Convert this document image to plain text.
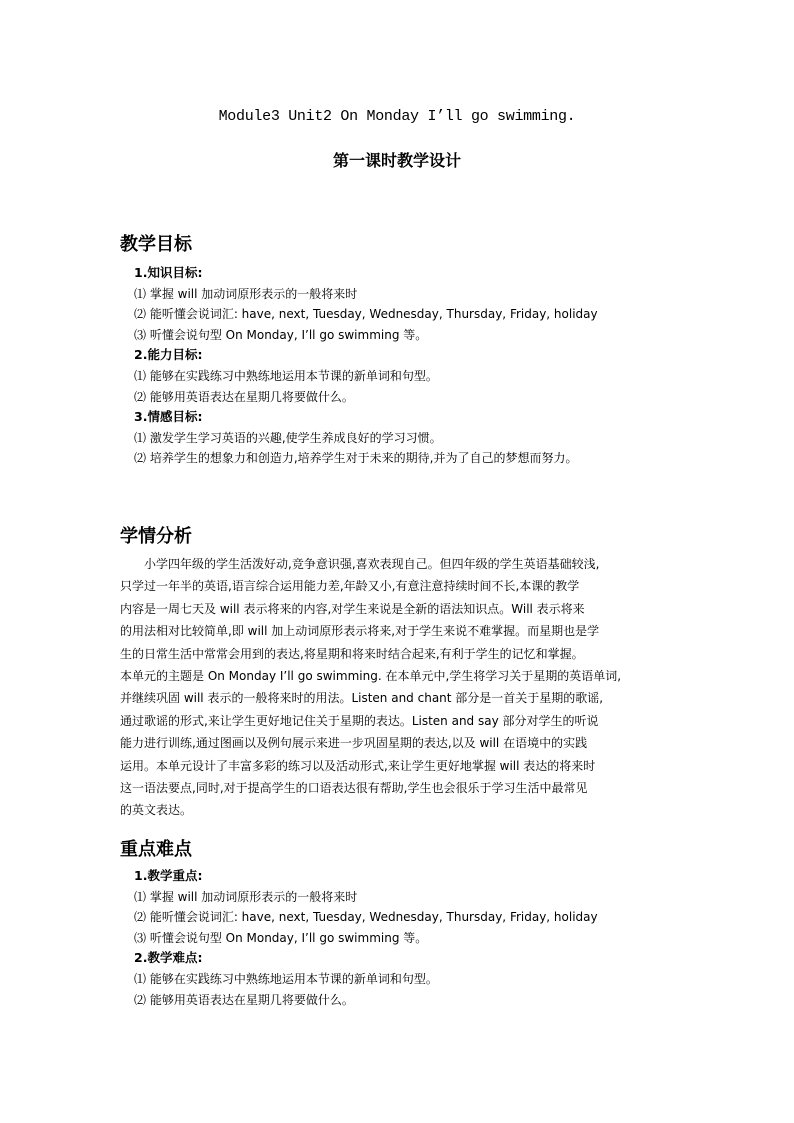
Module3 Unit2 On Monday I’ll go swimming.
第一课时教学设计
教学目标
1.知识目标:
⑴ 掌握 will 加动词原形表示的一般将来时
⑵ 能听懂会说词汇: have, next, Tuesday, Wednesday, Thursday, Friday, holiday
⑶ 听懂会说句型 On Monday, I’ll go swimming 等。
2.能力目标:
⑴ 能够在实践练习中熟练地运用本节课的新单词和句型。
⑵ 能够用英语表达在星期几将要做什么。
3.情感目标:
⑴ 激发学生学习英语的兴趣,使学生养成良好的学习习惯。
⑵ 培养学生的想象力和创造力,培养学生对于未来的期待,并为了自己的梦想而努力。
学情分析
　　小学四年级的学生活泼好动,竞争意识强,喜欢表现自己。但四年级的学生英语基础较浅,
只学过一年半的英语,语言综合运用能力差,年龄又小,有意注意持续时间不长,本课的教学
内容是一周七天及 will 表示将来的内容,对学生来说是全新的语法知识点。Will 表示将来
的用法相对比较简单,即 will 加上动词原形表示将来,对于学生来说不难掌握。而星期也是学
生的日常生活中常常会用到的表达,将星期和将来时结合起来,有利于学生的记忆和掌握。
本单元的主题是 On Monday I’ll go swimming. 在本单元中,学生将学习关于星期的英语单词,
并继续巩固 will 表示的一般将来时的用法。Listen and chant 部分是一首关于星期的歌谣,
通过歌谣的形式,来让学生更好地记住关于星期的表达。Listen and say 部分对学生的听说
能力进行训练,通过图画以及例句展示来进一步巩固星期的表达,以及 will 在语境中的实践
运用。本单元设计了丰富多彩的练习以及活动形式,来让学生更好地掌握 will 表达的将来时
这一语法要点,同时,对于提高学生的口语表达很有帮助,学生也会很乐于学习生活中最常见
的英文表达。
重点难点
1.教学重点:
⑴ 掌握 will 加动词原形表示的一般将来时
⑵ 能听懂会说词汇: have, next, Tuesday, Wednesday, Thursday, Friday, holiday
⑶ 听懂会说句型 On Monday, I’ll go swimming 等。
2.教学难点:
⑴ 能够在实践练习中熟练地运用本节课的新单词和句型。
⑵ 能够用英语表达在星期几将要做什么。
